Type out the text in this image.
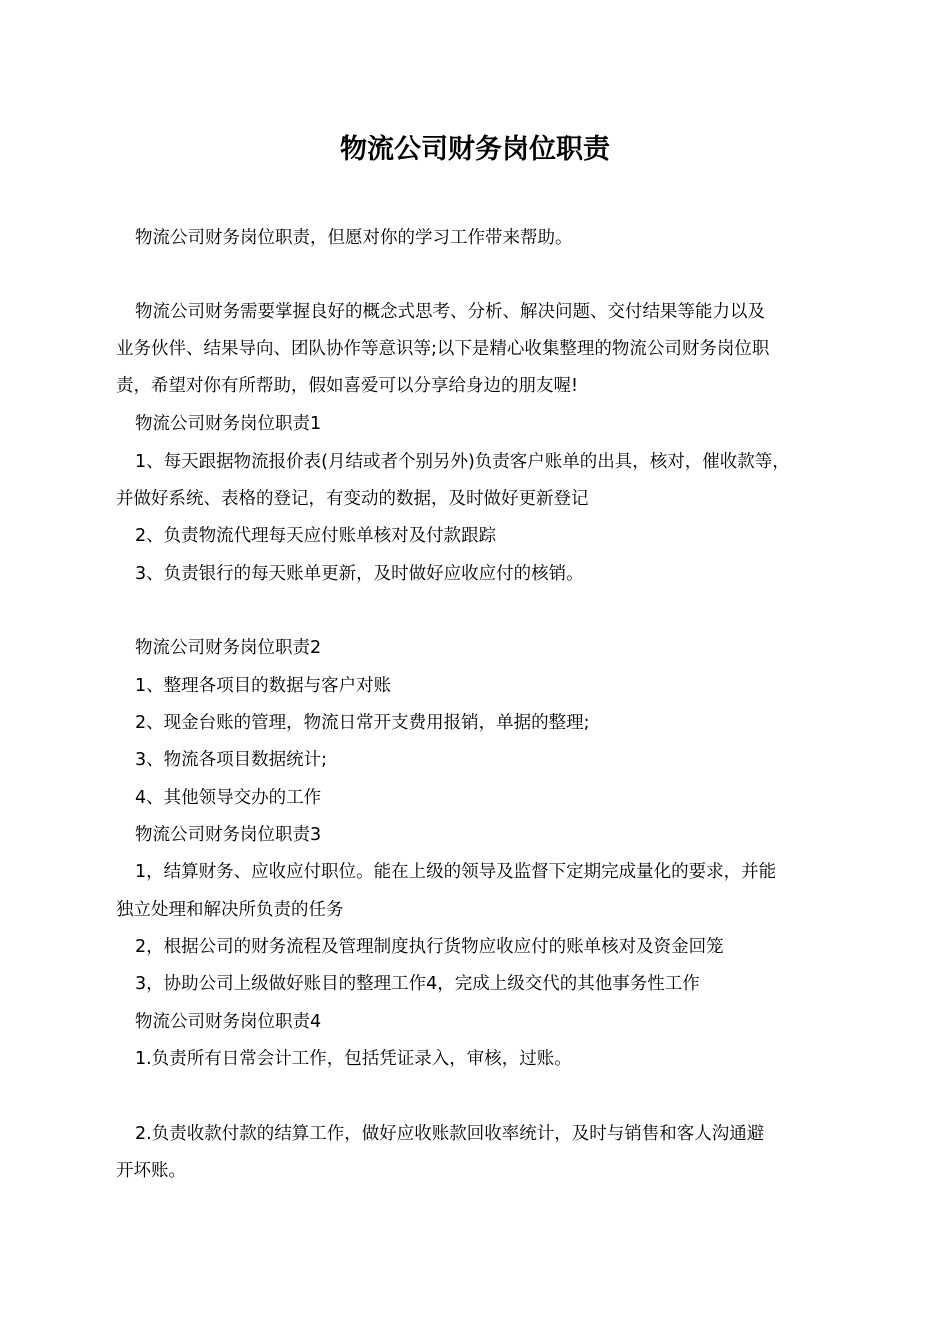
物流公司财务岗位职责
物流公司财务岗位职责，但愿对你的学习工作带来帮助。
物流公司财务需要掌握良好的概念式思考、分析、解决问题、交付结果等能力以及
业务伙伴、结果导向、团队协作等意识等;以下是精心收集整理的物流公司财务岗位职
责，希望对你有所帮助，假如喜爱可以分享给身边的朋友喔!
物流公司财务岗位职责1
1、每天跟据物流报价表(月结或者个别另外)负责客户账单的出具，核对，催收款等，
并做好系统、表格的登记，有变动的数据，及时做好更新登记
2、负责物流代理每天应付账单核对及付款跟踪
3、负责银行的每天账单更新，及时做好应收应付的核销。
物流公司财务岗位职责2
1、整理各项目的数据与客户对账
2、现金台账的管理，物流日常开支费用报销，单据的整理;
3、物流各项目数据统计;
4、其他领导交办的工作
物流公司财务岗位职责3
1，结算财务、应收应付职位。能在上级的领导及监督下定期完成量化的要求，并能
独立处理和解决所负责的任务
2，根据公司的财务流程及管理制度执行货物应收应付的账单核对及资金回笼
3，协助公司上级做好账目的整理工作4，完成上级交代的其他事务性工作
物流公司财务岗位职责4
1.负责所有日常会计工作，包括凭证录入，审核，过账。
2.负责收款付款的结算工作，做好应收账款回收率统计，及时与销售和客人沟通避
开坏账。
